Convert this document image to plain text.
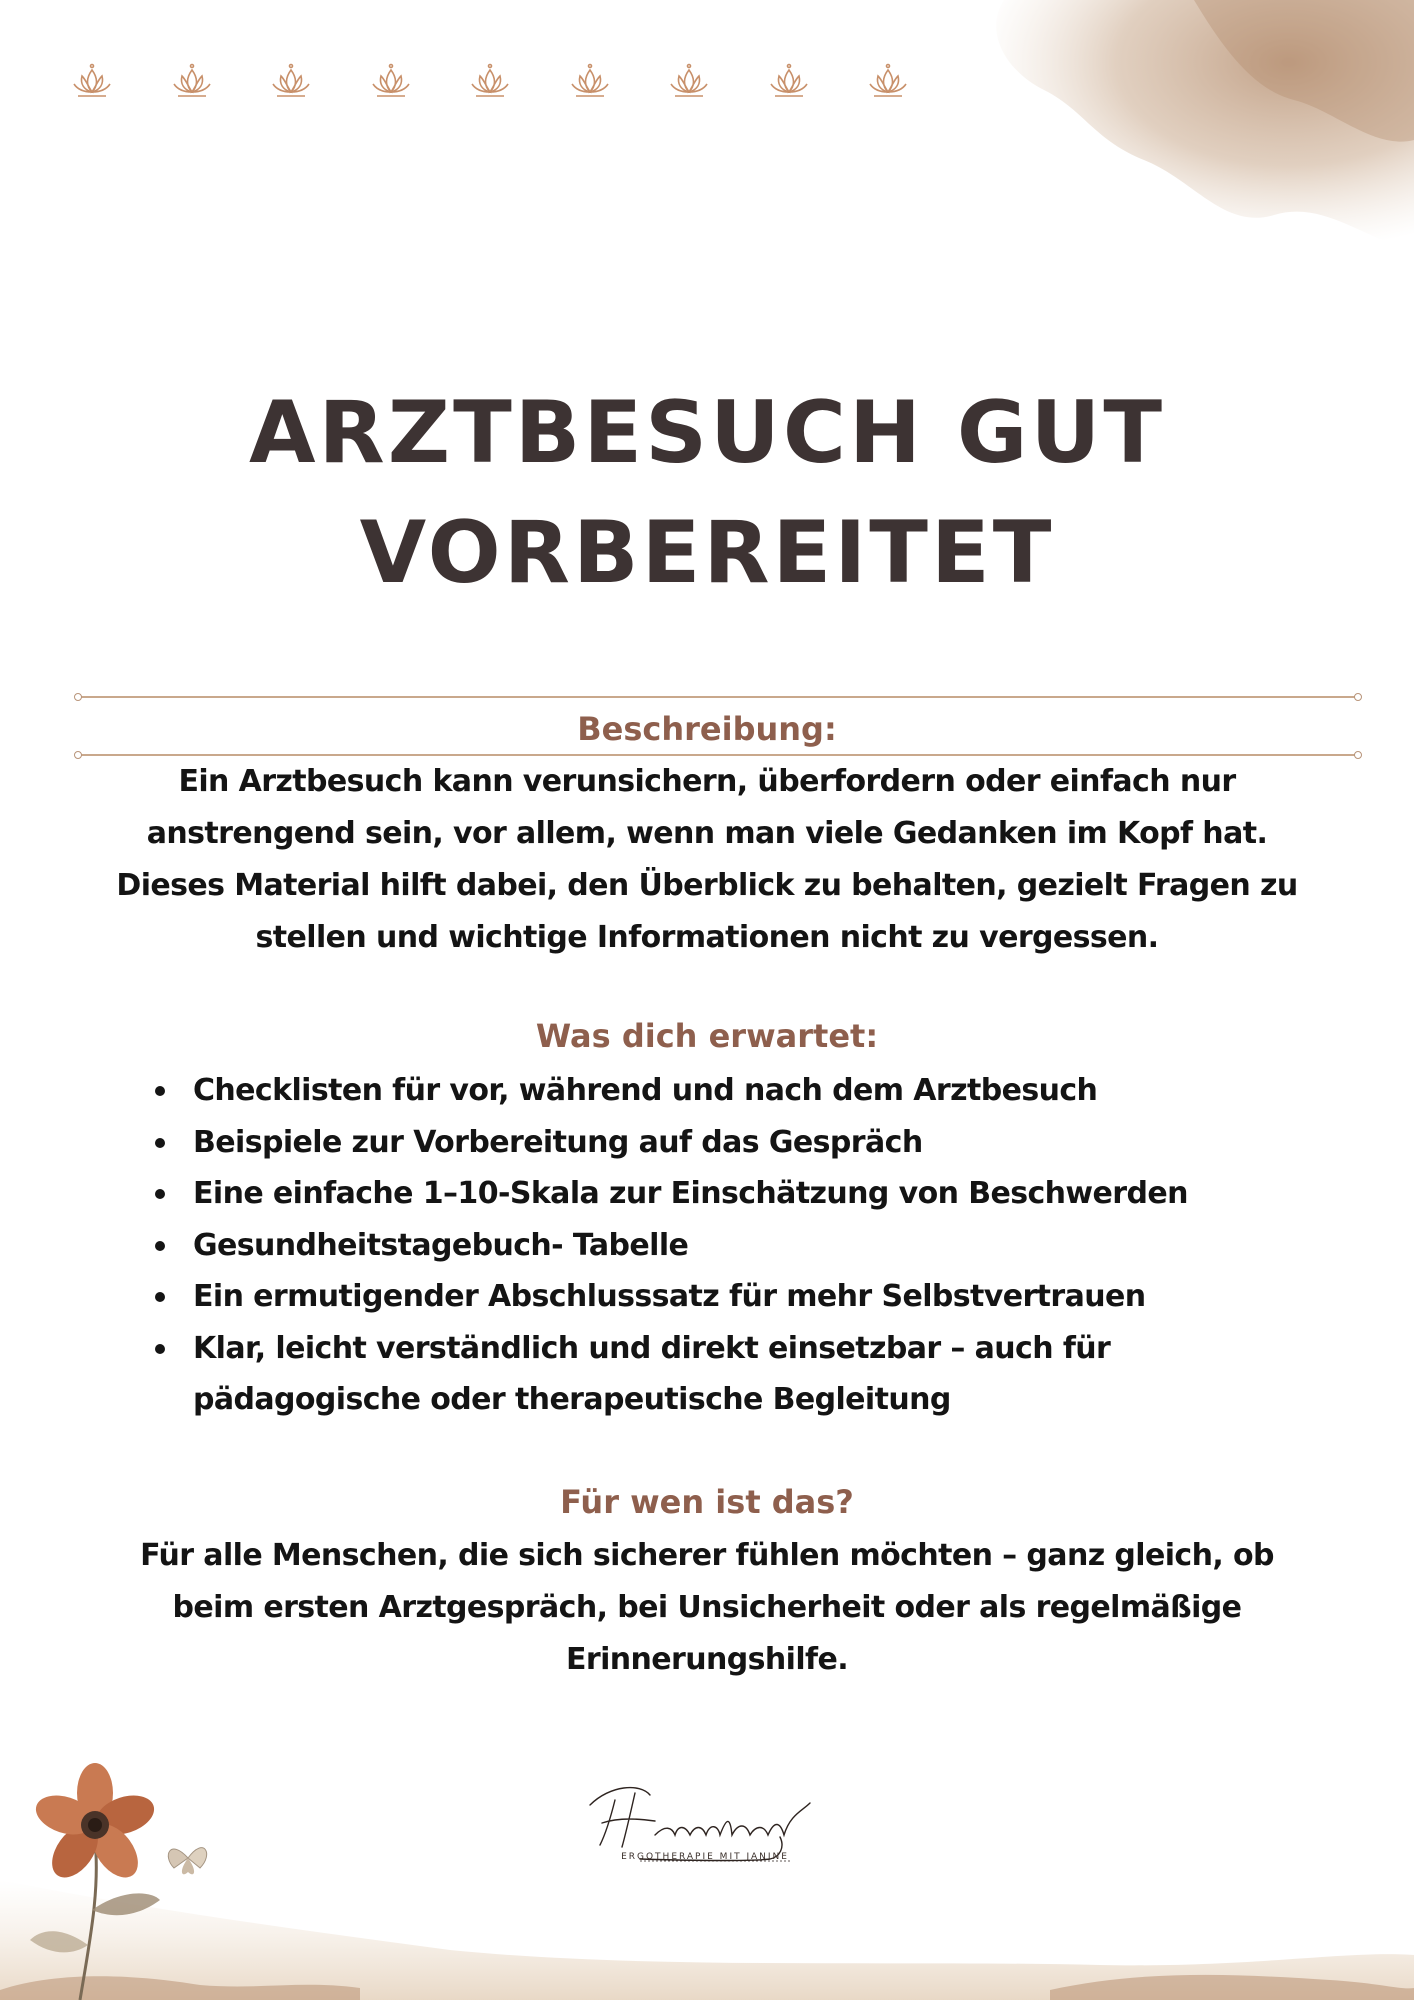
ARZTBESUCH GUT
VORBEREITET
Beschreibung:
Ein Arztbesuch kann verunsichern, überfordern oder einfach nur anstrengend sein, vor allem, wenn man viele Gedanken im Kopf hat. Dieses Material hilft dabei, den Überblick zu behalten, gezielt Fragen zu stellen und wichtige Informationen nicht zu vergessen.
Was dich erwartet:
Checklisten für vor, während und nach dem Arztbesuch
Beispiele zur Vorbereitung auf das Gespräch
Eine einfache 1–10-Skala zur Einschätzung von Beschwerden
Gesundheitstagebuch- Tabelle
Ein ermutigender Abschlusssatz für mehr Selbstvertrauen
Klar, leicht verständlich und direkt einsetzbar – auch für pädagogische oder therapeutische Begleitung
Für wen ist das?
Für alle Menschen, die sich sicherer fühlen möchten – ganz gleich, ob beim ersten Arztgespräch, bei Unsicherheit oder als regelmäßige Erinnerungshilfe.
ERGOTHERAPIE MIT JANINE
